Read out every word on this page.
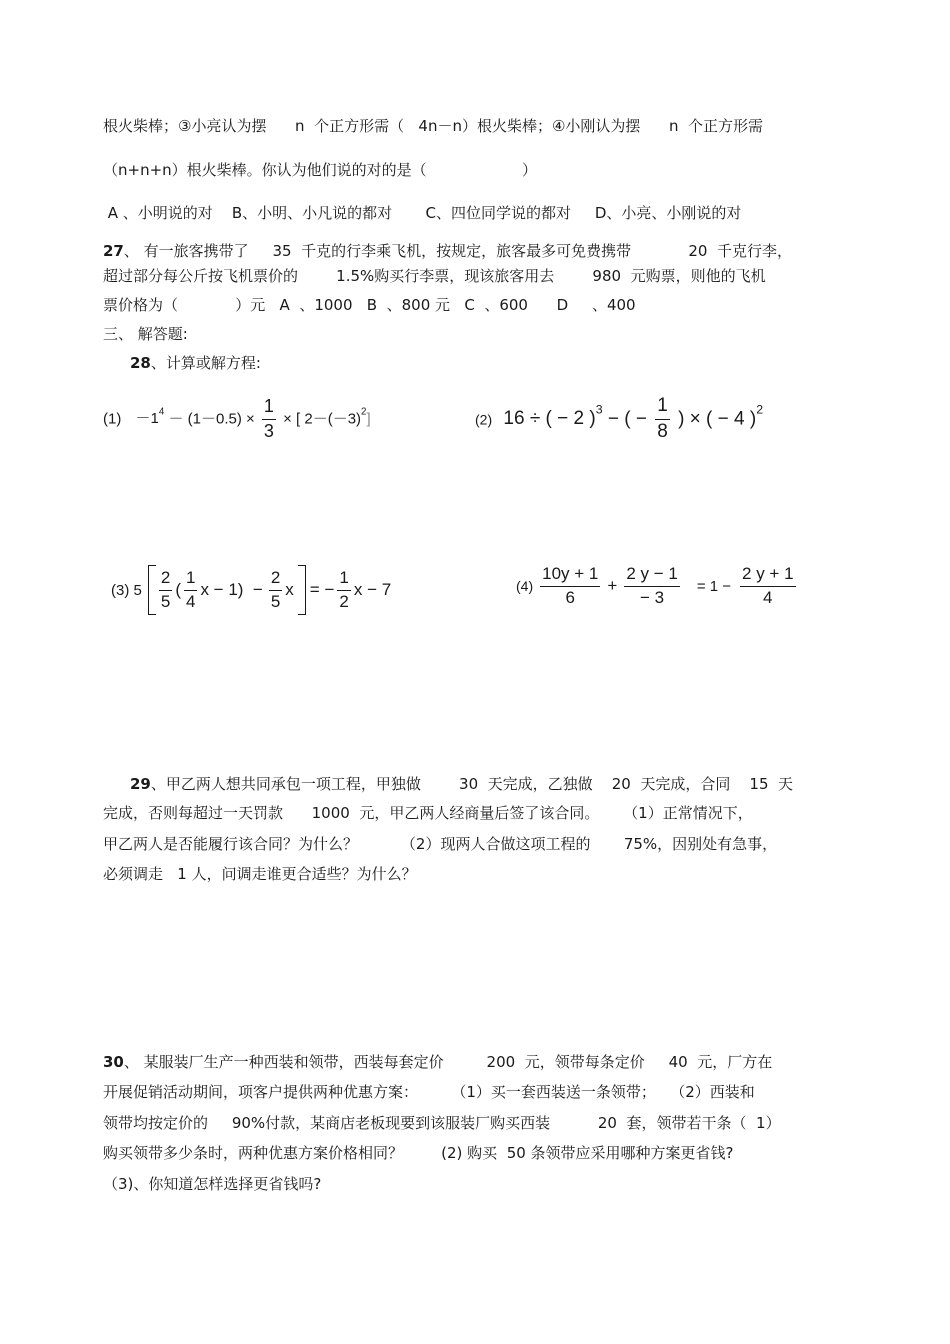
根火柴棒；③小亮认为摆      n  个正方形需（   4n－n）根火柴棒；④小刚认为摆      n  个正方形需
（n+n+n）根火柴棒。你认为他们说的对的是（                    ）
A 、小明说的对    B、小明、小凡说的都对       C、四位同学说的都对     D、小亮、小刚说的对
27、 有一旅客携带了     35  千克的行李乘飞机，按规定，旅客最多可免费携带            20  千克行李，
超过部分每公斤按飞机票价的        1.5%购买行李票，现该旅客用去        980  元购票，则他的飞机
票价格为（            ）元   A  、1000   B  、800 元   C  、600      D     、400
三、 解答题:
28、计算或解方程:
$(1) -1^4 - (1-0.5) \times \frac{1}{3}$ × [ $2-(-3)^2$]	(2) 16 ÷ ( − 2 )$^3$ − ( − $\frac{1}{8}$ ) × ( − 4 )$^2$
(3) $5 \frac{2}{5}$ ( $\frac{1}{4}$ $x - 1) - \frac{2}{5}$ x = − $\frac{1}{2}$ x − 7	$(4) \frac{10y + 1}{6} + \frac{2 y - 1}{- 3} = 1 - \frac{2 y + 1}{4}$
29、甲乙两人想共同承包一项工程，甲独做        30  天完成，乙独做    20  天完成，合同    15  天
完成，否则每超过一天罚款      1000  元，甲乙两人经商量后签了该合同。     （1）正常情况下，
甲乙两人是否能履行该合同？为什么？         （2）现两人合做这项工程的       75%，因别处有急事，
必须调走   1 人，问调走谁更合适些？为什么？
30、 某服装厂生产一种西装和领带，西装每套定价         200  元，领带每条定价     40  元，厂方在
开展促销活动期间，项客户提供两种优惠方案：       （1）买一套西装送一条领带；   （2）西装和
领带均按定价的     90%付款，某商店老板现要到该服装厂购买西装          20  套，领带若干条（  1）
购买领带多少条时，两种优惠方案价格相同？        (2) 购买  50 条领带应采用哪种方案更省钱?
（3)、你知道怎样选择更省钱吗?
